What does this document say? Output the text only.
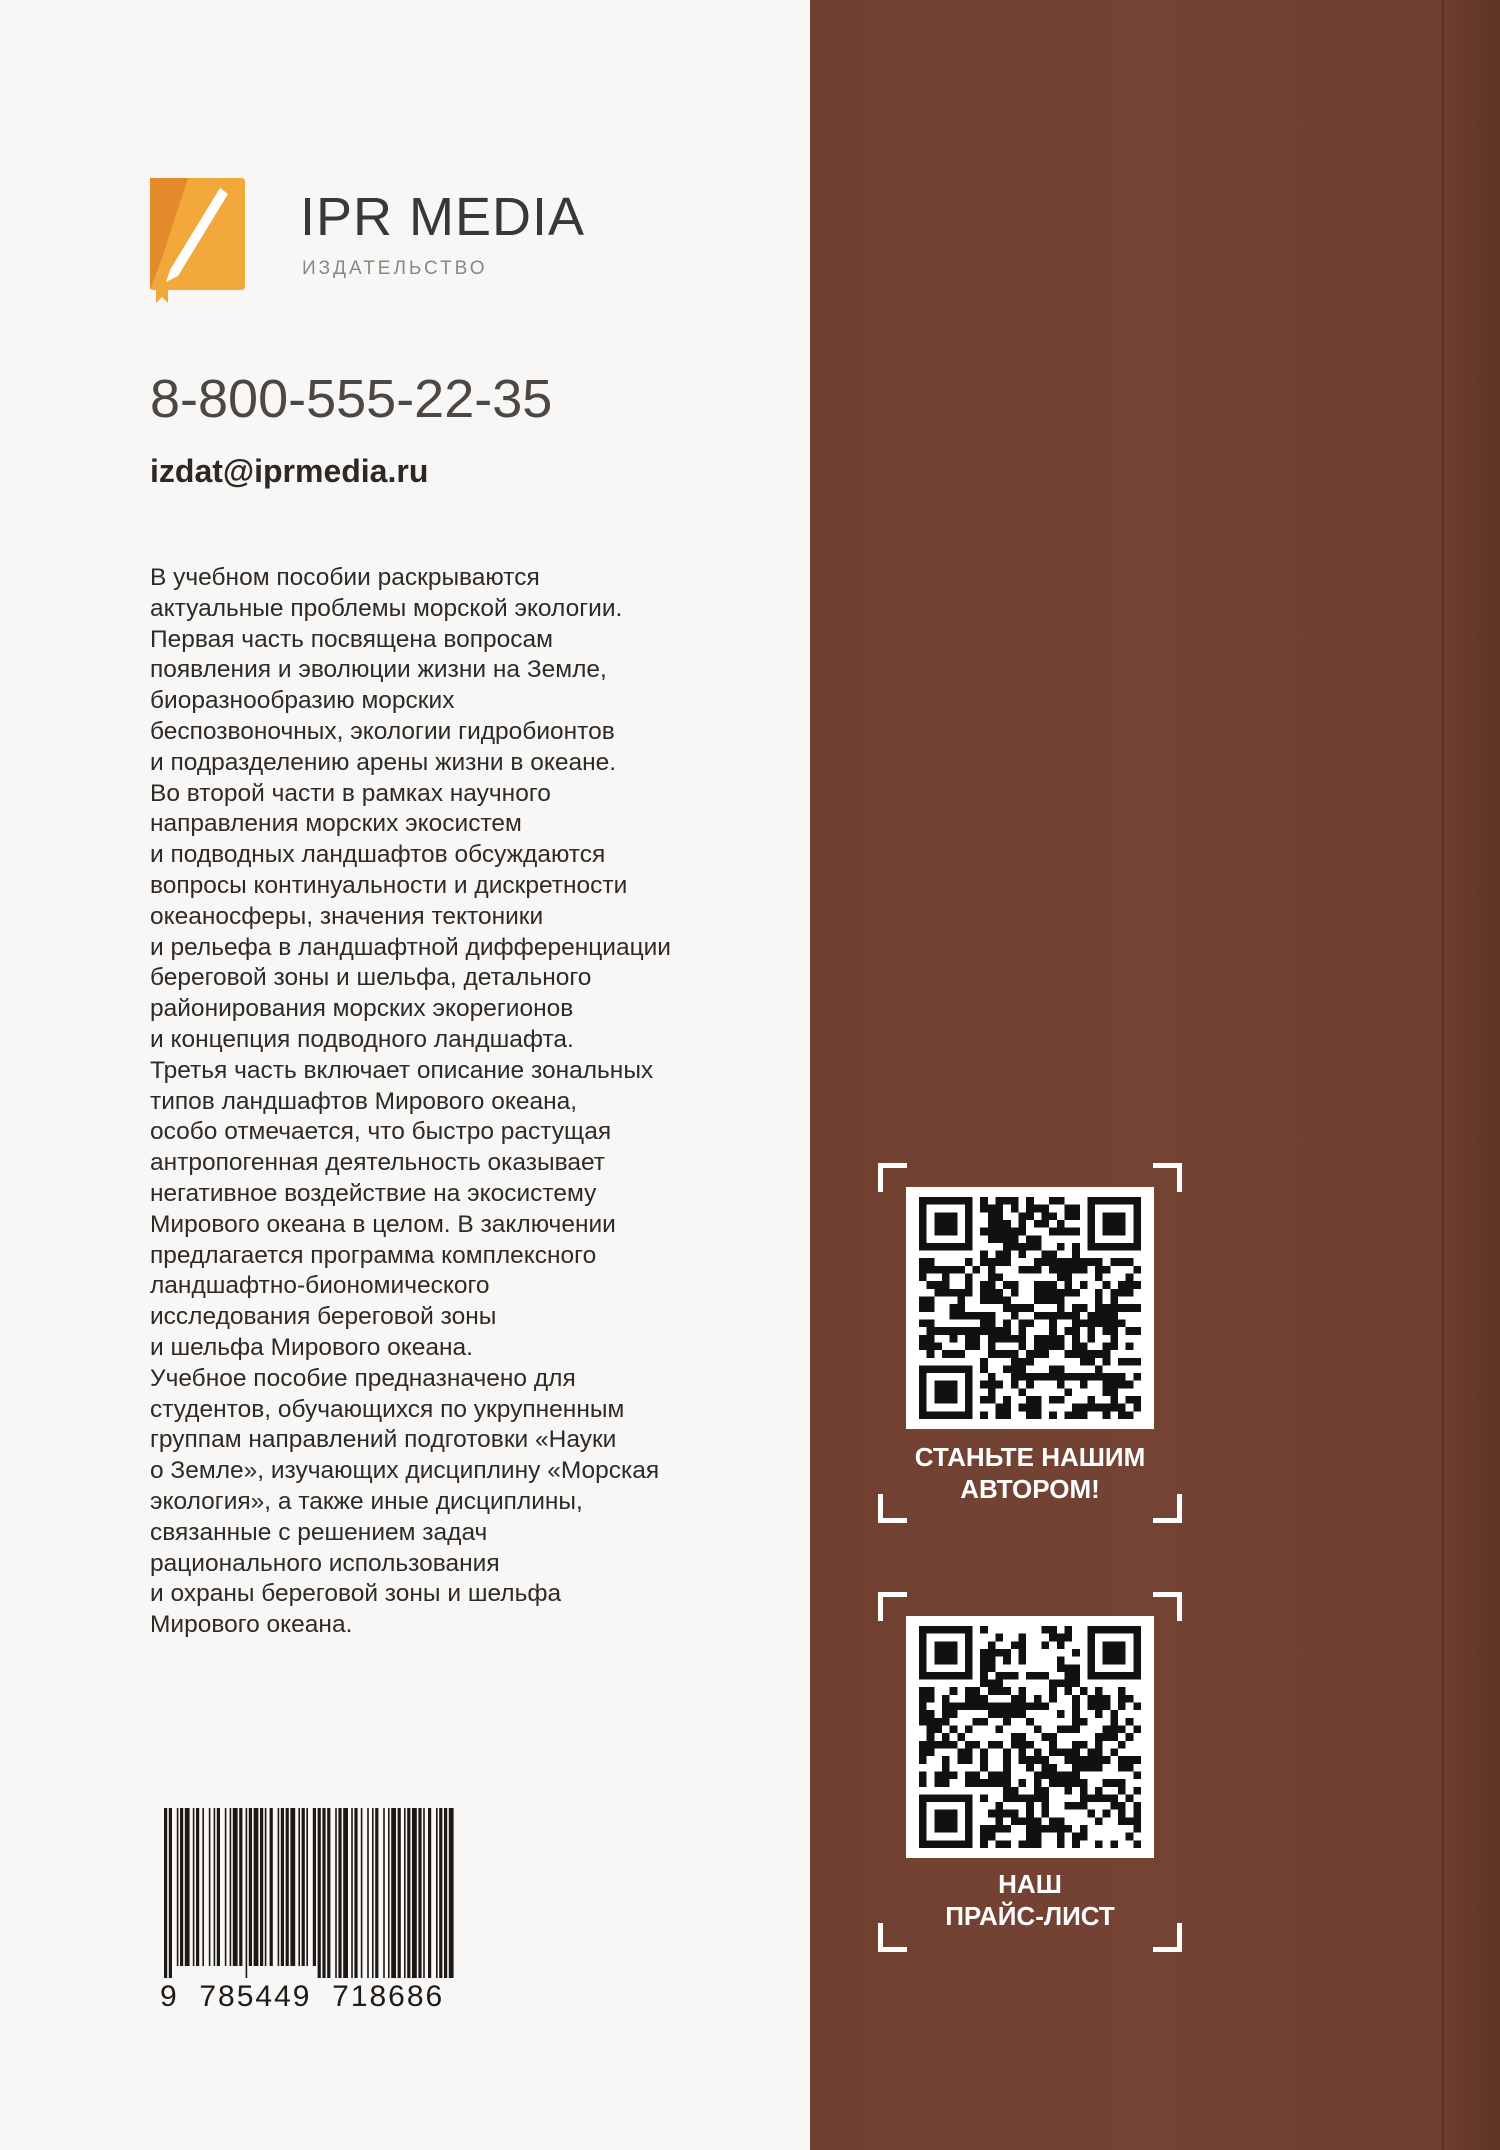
IPR MEDIA
ИЗДАТЕЛЬСТВО
8-800-555-22-35
izdat@iprmedia.ru
В учебном пособии раскрываются
актуальные проблемы морской экологии.
Первая часть посвящена вопросам
появления и эволюции жизни на Земле,
биоразнообразию морских
беспозвоночных, экологии гидробионтов
и подразделению арены жизни в океане.
Во второй части в рамках научного
направления морских экосистем
и подводных ландшафтов обсуждаются
вопросы континуальности и дискретности
океаносферы, значения тектоники
и рельефа в ландшафтной дифференциации
береговой зоны и шельфа, детального
районирования морских экорегионов
и концепция подводного ландшафта.
Третья часть включает описание зональных
типов ландшафтов Мирового океана,
особо отмечается, что быстро растущая
антропогенная деятельность оказывает
негативное воздействие на экосистему
Мирового океана в целом. В заключении
предлагается программа комплексного
ландшафтно-биономического
исследования береговой зоны
и шельфа Мирового океана.
Учебное пособие предназначено для
студентов, обучающихся по укрупненным
группам направлений подготовки «Науки
о Земле», изучающих дисциплину «Морская
экология», а также иные дисциплины,
связанные с решением задач
рационального использования
и охраны береговой зоны и шельфа
Мирового океана.
9  785449  718686
СТАНЬТЕ НАШИМ
АВТОРОМ!
НАШ
ПРАЙС-ЛИСТ
